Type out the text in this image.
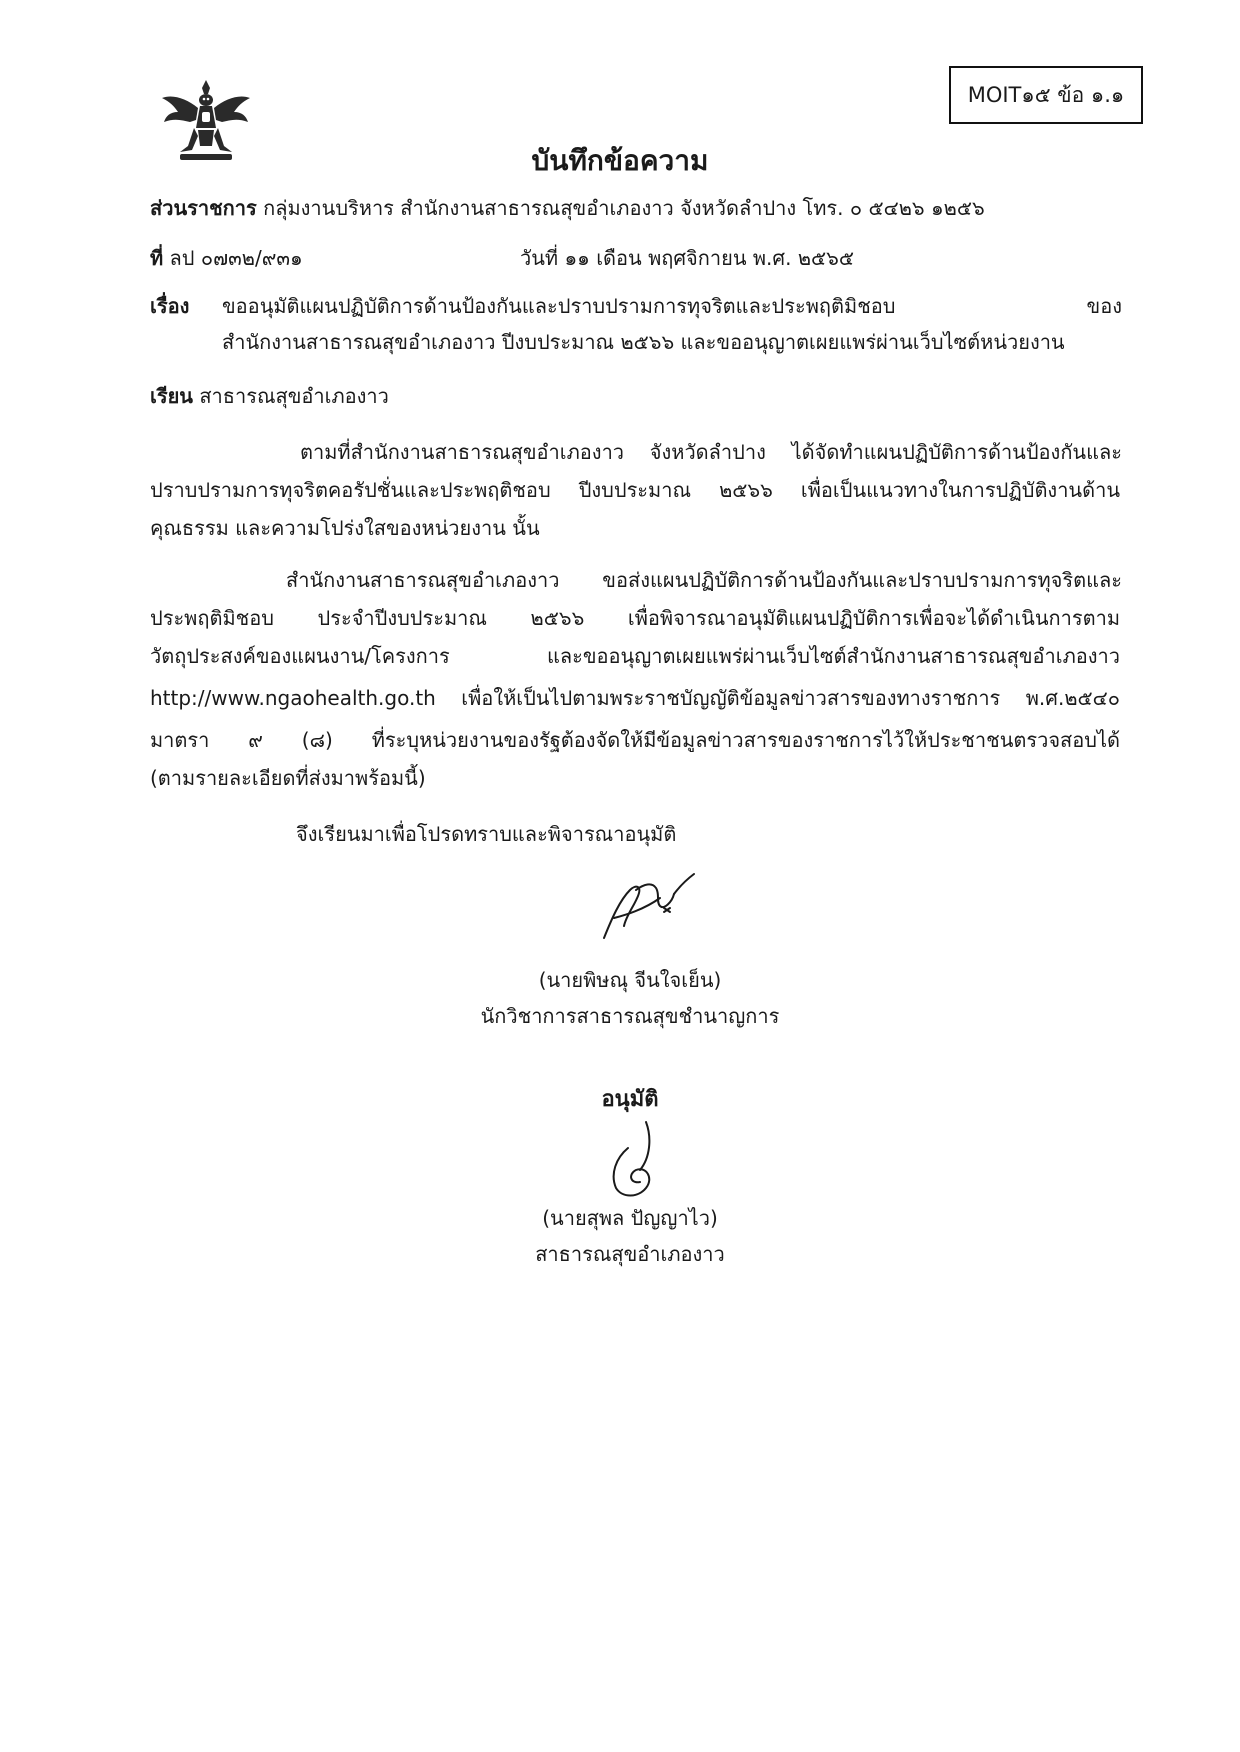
MOIT๑๕ ข้อ ๑.๑
บันทึกข้อความ
ส่วนราชการ กลุ่มงานบริหาร สำนักงานสาธารณสุขอำเภองาว จังหวัดลำปาง โทร. ๐ ๕๔๒๖ ๑๒๕๖
ที่ ลป ๐๗๓๒/๙๓๑	วันที่ ๑๑ เดือน พฤศจิกายน พ.ศ. ๒๕๖๕
เรื่อง ขออนุมัติแผนปฏิบัติการด้านป้องกันและปราบปรามการทุจริตและประพฤติมิชอบ ของ
สำนักงานสาธารณสุขอำเภองาว ปีงบประมาณ ๒๕๖๖ และขออนุญาตเผยแพร่ผ่านเว็บไซต์หน่วยงาน
เรียน สาธารณสุขอำเภองาว
ตามที่สำนักงานสาธารณสุขอำเภองาว จังหวัดลำปาง ได้จัดทำแผนปฏิบัติการด้านป้องกันและ
ปราบปรามการทุจริตคอรัปชั่นและประพฤติชอบ ปีงบประมาณ ๒๕๖๖ เพื่อเป็นแนวทางในการปฏิบัติงานด้าน
คุณธรรม และความโปร่งใสของหน่วยงาน นั้น
สำนักงานสาธารณสุขอำเภองาว ขอส่งแผนปฏิบัติการด้านป้องกันและปราบปรามการทุจริตและ
ประพฤติมิชอบ ประจำปีงบประมาณ ๒๕๖๖ เพื่อพิจารณาอนุมัติแผนปฏิบัติการเพื่อจะได้ดำเนินการตาม
วัตถุประสงค์ของแผนงาน/โครงการ และขออนุญาตเผยแพร่ผ่านเว็บไซต์สำนักงานสาธารณสุขอำเภองาว
http://www.ngaohealth.go.th เพื่อให้เป็นไปตามพระราชบัญญัติข้อมูลข่าวสารของทางราชการ พ.ศ.๒๕๔๐
มาตรา ๙ (๘) ที่ระบุหน่วยงานของรัฐต้องจัดให้มีข้อมูลข่าวสารของราชการไว้ให้ประชาชนตรวจสอบได้
(ตามรายละเอียดที่ส่งมาพร้อมนี้)
จึงเรียนมาเพื่อโปรดทราบและพิจารณาอนุมัติ
(นายพิษณุ จีนใจเย็น)
นักวิชาการสาธารณสุขชำนาญการ
อนุมัติ
(นายสุพล ปัญญาไว)
สาธารณสุขอำเภองาว
